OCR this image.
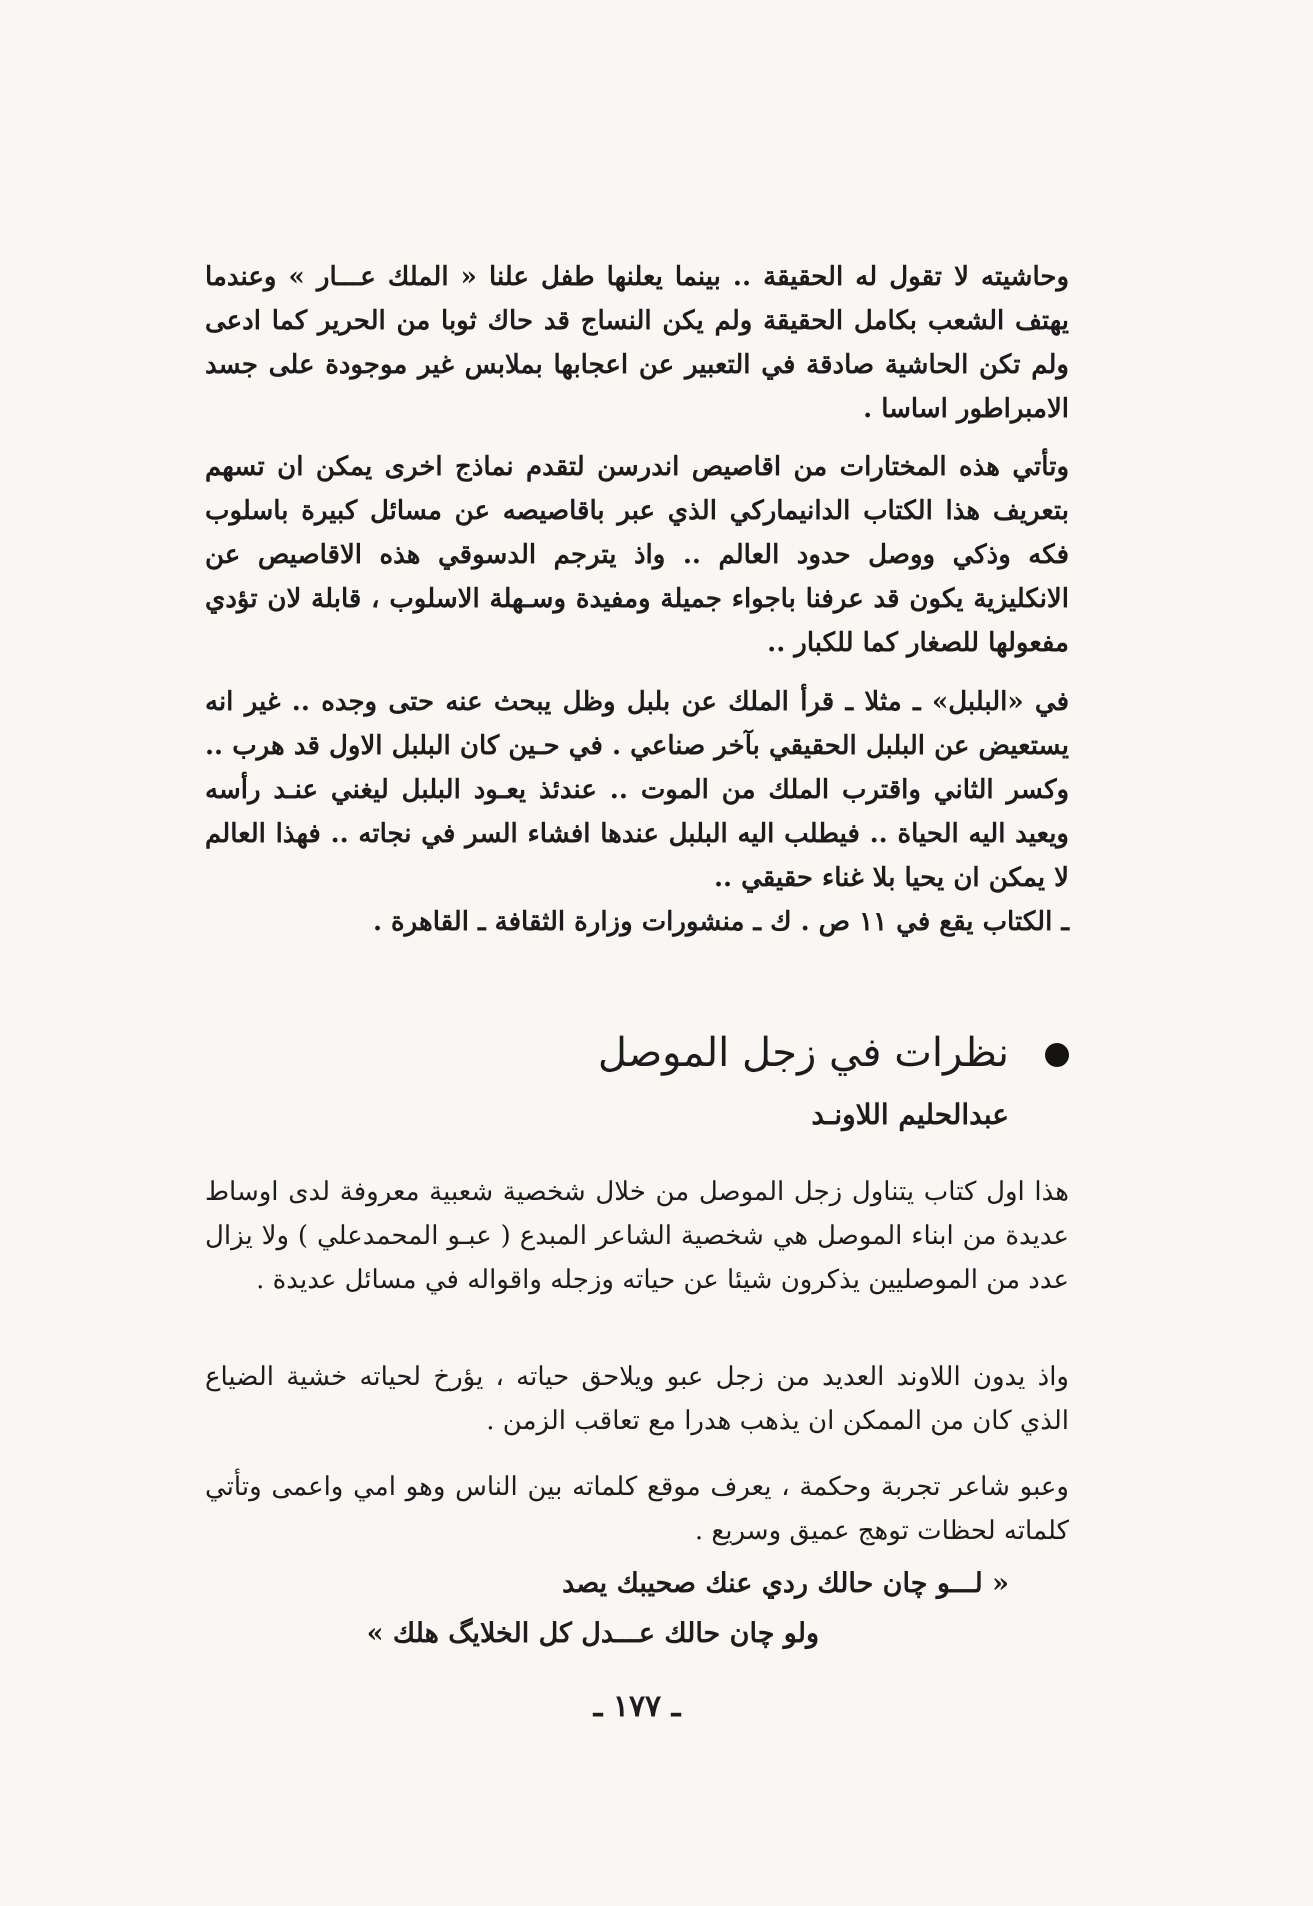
وحاشيته لا تقول له الحقيقة .. بينما يعلنها طفل علنا « الملك عـــار » وعندما يهتف الشعب بكامل الحقيقة ولم يكن النساج قد حاك ثوبا من الحرير كما ادعى ولم تكن الحاشية صادقة في التعبير عن اعجابها بملابس غير موجودة على جسد الامبراطور اساسا .

وتأتي هذه المختارات من اقاصيص اندرسن لتقدم نماذج اخرى يمكن ان تسهم بتعريف هذا الكتاب الدانيماركي الذي عبر باقاصيصه عن مسائل كبيرة باسلوب فكه وذكي ووصل حدود العالم .. واذ يترجم الدسوقي هذه الاقاصيص عن الانكليزية يكون قد عرفنا باجواء جميلة ومفيدة وسـهلة الاسلوب ، قابلة لان تؤدي مفعولها للصغار كما للكبار ..

في «البلبل» ـ مثلا ـ قرأ الملك عن بلبل وظل يبحث عنه حتى وجده .. غير انه يستعيض عن البلبل الحقيقي بآخر صناعي . في حـين كان البلبل الاول قد هرب .. وكسر الثاني واقترب الملك من الموت .. عندئذ يعـود البلبل ليغني عنـد رأسه ويعيد اليه الحياة .. فيطلب اليه البلبل عندها افشاء السر في نجاته .. فهذا العالم لا يمكن ان يحيا بلا غناء حقيقي ..

ـ الكتاب يقع في ١١ ص . ك ـ منشورات وزارة الثقافة ـ القاهرة .

نظرات في زجل الموصل

عبدالحليم اللاونـد

هذا اول كتاب يتناول زجل الموصل من خلال شخصية شعبية معروفة لدى اوساط عديدة من ابناء الموصل هي شخصية الشاعر المبدع ( عبـو المحمدعلي ) ولا يزال عدد من الموصليين يذكرون شيئا عن حياته وزجله واقواله في مسائل عديدة .

واذ يدون اللاوند العديد من زجل عبو ويلاحق حياته ، يؤرخ لحياته خشية الضياع الذي كان من الممكن ان يذهب هدرا مع تعاقب الزمن .

وعبو شاعر تجربة وحكمة ، يعرف موقع كلماته بين الناس وهو امي واعمى وتأتي كلماته لحظات توهج عميق وسريع .

« لـــو چان حالك ردي عنك صحيبك يصد

ولو چان حالك عـــدل كل الخلايگ هلك »

ـ ١٧٧ ـ
